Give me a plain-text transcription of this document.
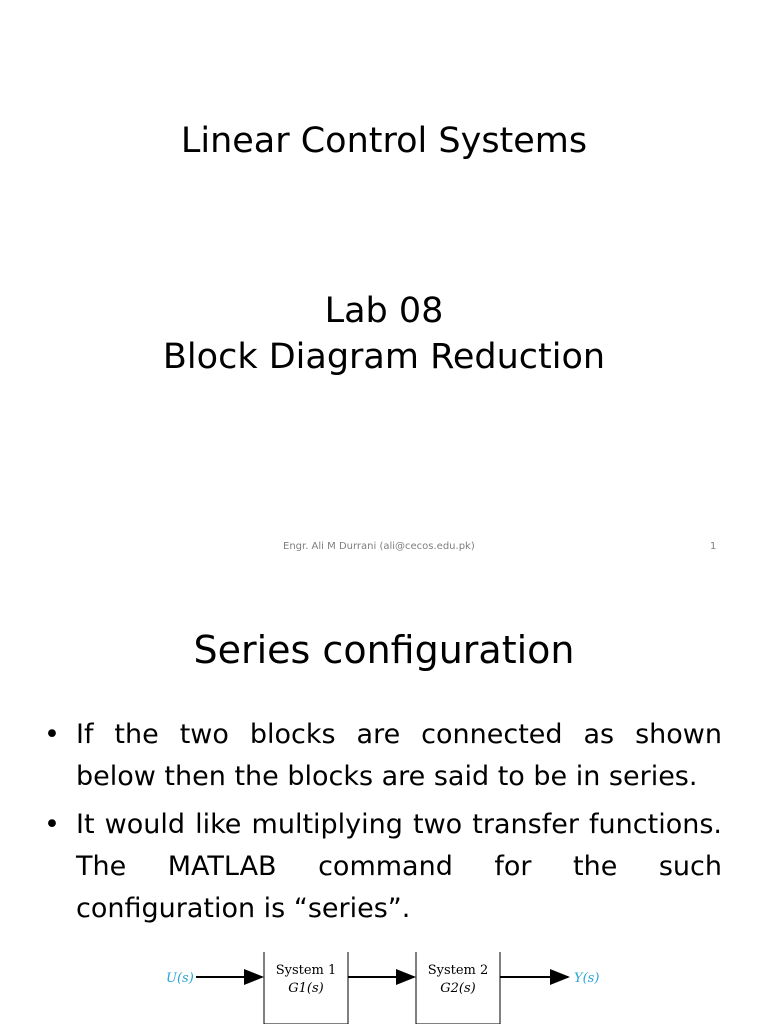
Linear Control Systems
Lab 08
Block Diagram Reduction
Engr. Ali M Durrani (ali@cecos.edu.pk)	1
Series configuration
• If the two blocks are connected as shown below then the blocks are said to be in series.
• It would like multiplying two transfer functions. The MATLAB command for the such configuration is “series”.
U(s)
System 1
G1(s)
System 2
G2(s)
Y(s)
